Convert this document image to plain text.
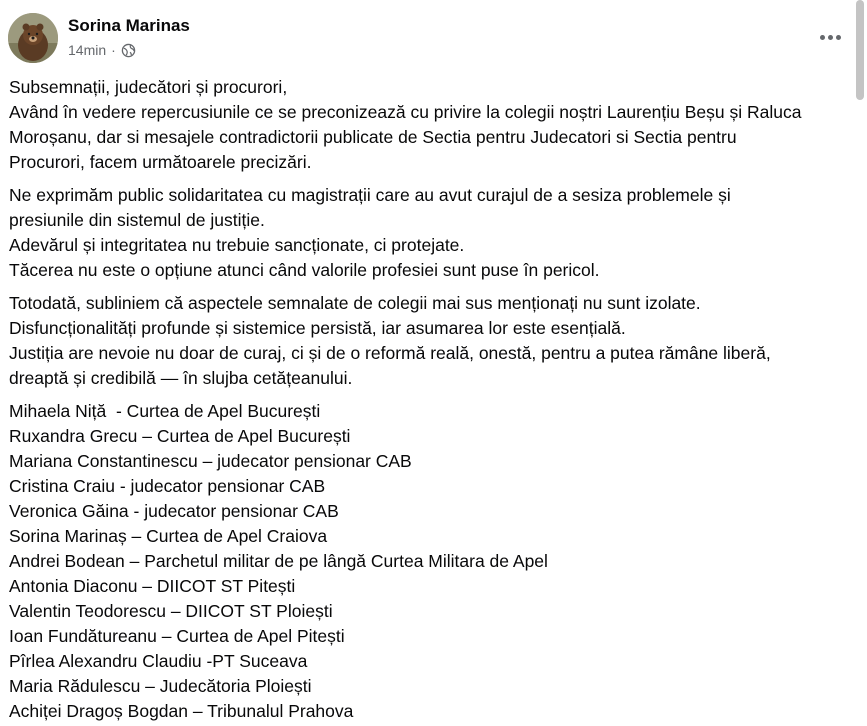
Sorina Marinas
14min ·
Subsemnații, judecători și procurori,
Având în vedere repercusiunile ce se preconizează cu privire la colegii noștri Laurențiu Beșu și Raluca
Moroșanu, dar si mesajele contradictorii publicate de Sectia pentru Judecatori si Sectia pentru
Procurori, facem următoarele precizări.
Ne exprimăm public solidaritatea cu magistrații care au avut curajul de a sesiza problemele și
presiunile din sistemul de justiție.
Adevărul și integritatea nu trebuie sancționate, ci protejate.
Tăcerea nu este o opțiune atunci când valorile profesiei sunt puse în pericol.
Totodată, subliniem că aspectele semnalate de colegii mai sus menționați nu sunt izolate.
Disfuncționalități profunde și sistemice persistă, iar asumarea lor este esențială.
Justiția are nevoie nu doar de curaj, ci și de o reformă reală, onestă, pentru a putea rămâne liberă,
dreaptă și credibilă — în slujba cetățeanului.
Mihaela Niță  - Curtea de Apel București
Ruxandra Grecu – Curtea de Apel București
Mariana Constantinescu – judecator pensionar CAB
Cristina Craiu - judecator pensionar CAB
Veronica Găina - judecator pensionar CAB
Sorina Marinaș – Curtea de Apel Craiova
Andrei Bodean – Parchetul militar de pe lângă Curtea Militara de Apel
Antonia Diaconu – DIICOT ST Pitești
Valentin Teodorescu – DIICOT ST Ploiești
Ioan Fundătureanu – Curtea de Apel Pitești
Pîrlea Alexandru Claudiu -PT Suceava
Maria Rădulescu – Judecătoria Ploiești
Achiței Dragoș Bogdan – Tribunalul Prahova
